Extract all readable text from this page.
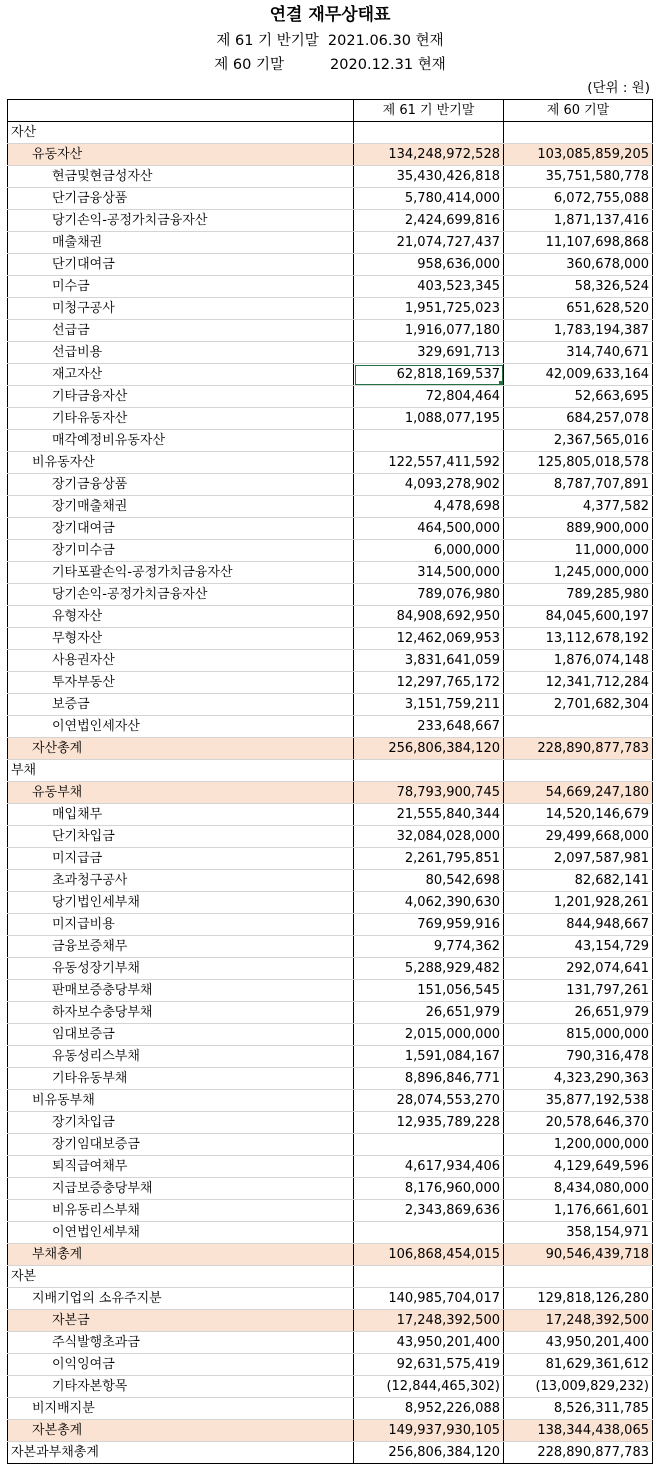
연결 재무상태표
제 61 기 반기말  2021.06.30 현재
제 60 기말          2020.12.31 현재
(단위 : 원)
	제 61 기 반기말	제 60 기말
자산		
유동자산	134,248,972,528	103,085,859,205
현금및현금성자산	35,430,426,818	35,751,580,778
단기금융상품	5,780,414,000	6,072,755,088
당기손익-공정가치금융자산	2,424,699,816	1,871,137,416
매출채권	21,074,727,437	11,107,698,868
단기대여금	958,636,000	360,678,000
미수금	403,523,345	58,326,524
미청구공사	1,951,725,023	651,628,520
선급금	1,916,077,180	1,783,194,387
선급비용	329,691,713	314,740,671
재고자산	62,818,169,537	42,009,633,164
기타금융자산	72,804,464	52,663,695
기타유동자산	1,088,077,195	684,257,078
매각예정비유동자산		2,367,565,016
비유동자산	122,557,411,592	125,805,018,578
장기금융상품	4,093,278,902	8,787,707,891
장기매출채권	4,478,698	4,377,582
장기대여금	464,500,000	889,900,000
장기미수금	6,000,000	11,000,000
기타포괄손익-공정가치금융자산	314,500,000	1,245,000,000
당기손익-공정가치금융자산	789,076,980	789,285,980
유형자산	84,908,692,950	84,045,600,197
무형자산	12,462,069,953	13,112,678,192
사용권자산	3,831,641,059	1,876,074,148
투자부동산	12,297,765,172	12,341,712,284
보증금	3,151,759,211	2,701,682,304
이연법인세자산	233,648,667	
자산총계	256,806,384,120	228,890,877,783
부채		
유동부채	78,793,900,745	54,669,247,180
매입채무	21,555,840,344	14,520,146,679
단기차입금	32,084,028,000	29,499,668,000
미지급금	2,261,795,851	2,097,587,981
초과청구공사	80,542,698	82,682,141
당기법인세부채	4,062,390,630	1,201,928,261
미지급비용	769,959,916	844,948,667
금융보증채무	9,774,362	43,154,729
유동성장기부채	5,288,929,482	292,074,641
판매보증충당부채	151,056,545	131,797,261
하자보수충당부채	26,651,979	26,651,979
임대보증금	2,015,000,000	815,000,000
유동성리스부채	1,591,084,167	790,316,478
기타유동부채	8,896,846,771	4,323,290,363
비유동부채	28,074,553,270	35,877,192,538
장기차입금	12,935,789,228	20,578,646,370
장기임대보증금		1,200,000,000
퇴직급여채무	4,617,934,406	4,129,649,596
지급보증충당부채	8,176,960,000	8,434,080,000
비유동리스부채	2,343,869,636	1,176,661,601
이연법인세부채		358,154,971
부채총계	106,868,454,015	90,546,439,718
자본		
지배기업의 소유주지분	140,985,704,017	129,818,126,280
자본금	17,248,392,500	17,248,392,500
주식발행초과금	43,950,201,400	43,950,201,400
이익잉여금	92,631,575,419	81,629,361,612
기타자본항목	(12,844,465,302)	(13,009,829,232)
비지배지분	8,952,226,088	8,526,311,785
자본총계	149,937,930,105	138,344,438,065
자본과부채총계	256,806,384,120	228,890,877,783
